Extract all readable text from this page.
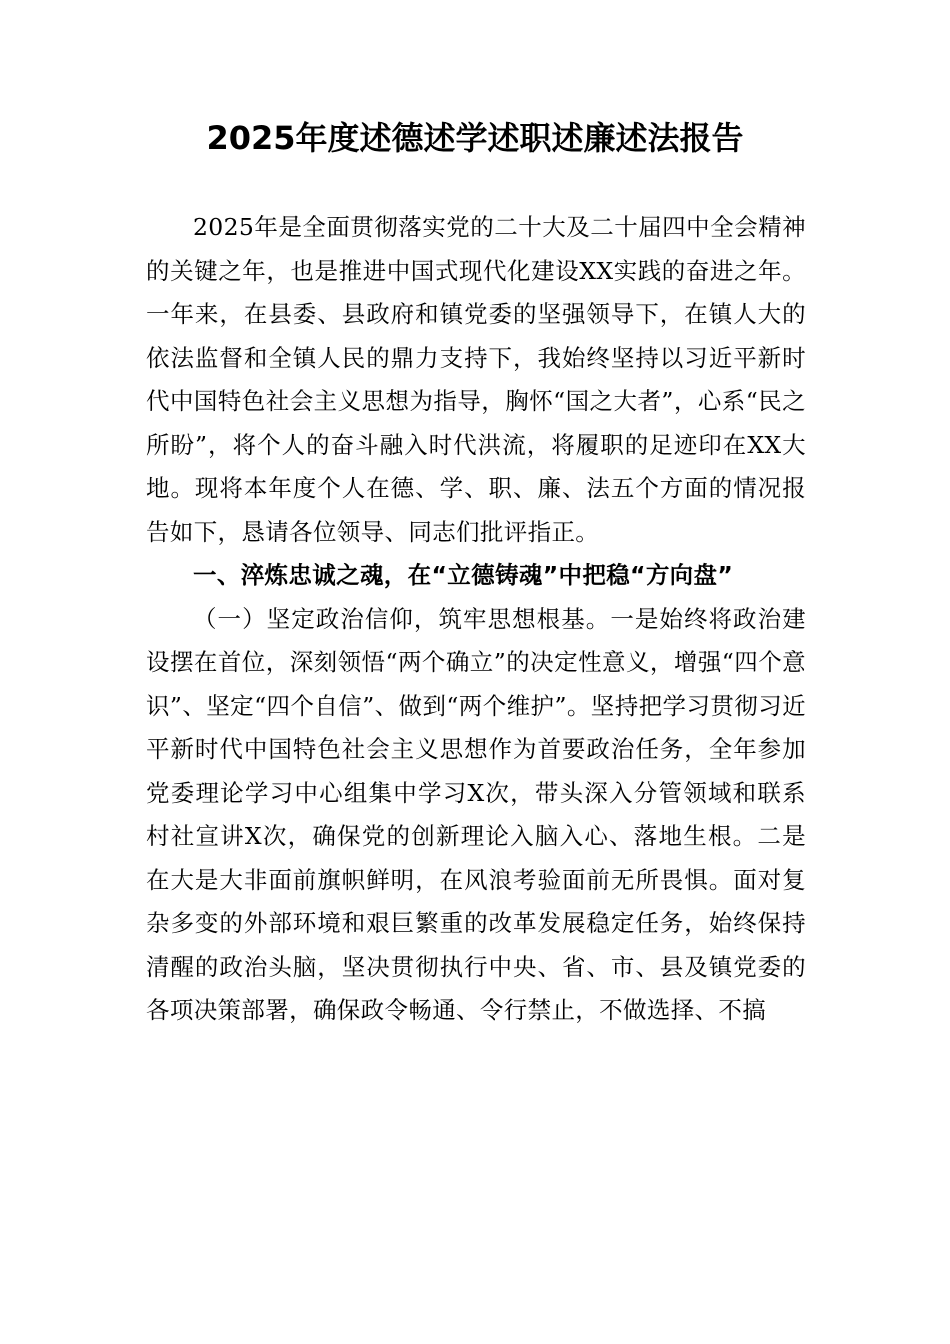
2025年度述德述学述职述廉述法报告

2025年是全面贯彻落实党的二十大及二十届四中全会精神的关键之年，也是推进中国式现代化建设XX实践的奋进之年。一年来，在县委、县政府和镇党委的坚强领导下，在镇人大的依法监督和全镇人民的鼎力支持下，我始终坚持以习近平新时代中国特色社会主义思想为指导，胸怀“国之大者”，心系“民之所盼”，将个人的奋斗融入时代洪流，将履职的足迹印在XX大地。现将本年度个人在德、学、职、廉、法五个方面的情况报告如下，恳请各位领导、同志们批评指正。

一、淬炼忠诚之魂，在“立德铸魂”中把稳“方向盘”

（一）坚定政治信仰，筑牢思想根基。一是始终将政治建设摆在首位，深刻领悟“两个确立”的决定性意义，增强“四个意识”、坚定“四个自信”、做到“两个维护”。坚持把学习贯彻习近平新时代中国特色社会主义思想作为首要政治任务，全年参加党委理论学习中心组集中学习X次，带头深入分管领域和联系村社宣讲X次，确保党的创新理论入脑入心、落地生根。二是在大是大非面前旗帜鲜明，在风浪考验面前无所畏惧。面对复杂多变的外部环境和艰巨繁重的改革发展稳定任务，始终保持清醒的政治头脑，坚决贯彻执行中央、省、市、县及镇党委的各项决策部署，确保政令畅通、令行禁止，不做选择、不搞
